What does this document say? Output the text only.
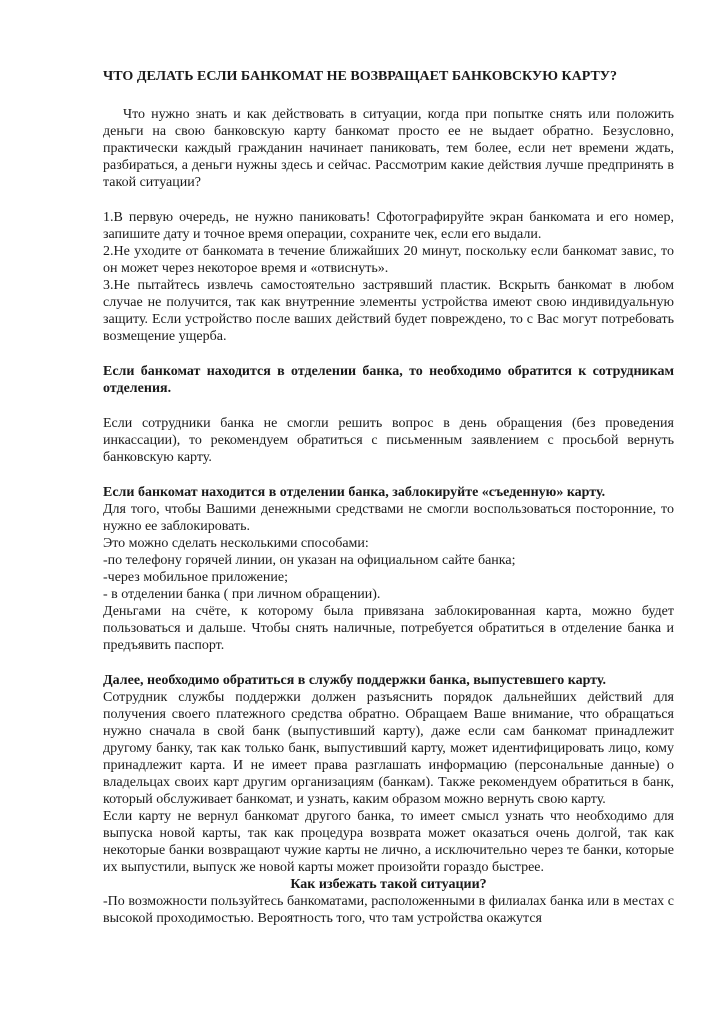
ЧТО ДЕЛАТЬ ЕСЛИ БАНКОМАТ НЕ ВОЗВРАЩАЕТ БАНКОВСКУЮ КАРТУ?

Что нужно знать и как действовать в ситуации, когда при попытке снять или положить деньги на свою банковскую карту банкомат просто ее не выдает обратно. Безусловно, практически каждый гражданин начинает паниковать, тем более, если нет времени ждать, разбираться, а деньги нужны здесь и сейчас. Рассмотрим какие действия лучше предпринять в такой ситуации?

1.В первую очередь, не нужно паниковать! Сфотографируйте экран банкомата и его номер, запишите дату и точное время операции, сохраните чек, если его выдали.

2.Не уходите от банкомата в течение ближайших 20 минут, поскольку если банкомат завис, то он может через некоторое время и «отвиснуть».

3.Не пытайтесь извлечь самостоятельно застрявший пластик. Вскрыть банкомат в любом случае не получится, так как внутренние элементы устройства имеют свою индивидуальную защиту. Если устройство после ваших действий будет повреждено, то с Вас могут потребовать возмещение ущерба.

Если банкомат находится в отделении банка, то необходимо обратится к сотрудникам отделения.

Если сотрудники банка не смогли решить вопрос в день обращения (без проведения инкассации), то рекомендуем обратиться с письменным заявлением с просьбой вернуть банковскую карту.

Если банкомат находится в отделении банка, заблокируйте «съеденную» карту.

Для того, чтобы Вашими денежными средствами не смогли воспользоваться посторонние, то нужно ее заблокировать.

Это можно сделать несколькими способами:

-по телефону горячей линии, он указан на официальном сайте банка;

-через мобильное приложение;

- в отделении банка ( при личном обращении).

Деньгами на счёте, к которому была привязана заблокированная карта, можно будет пользоваться и дальше. Чтобы снять наличные, потребуется обратиться в отделение банка и предъявить паспорт.

Далее, необходимо обратиться в службу поддержки банка, выпустевшего карту.

Сотрудник службы поддержки должен разъяснить порядок дальнейших действий для получения своего платежного средства обратно. Обращаем Ваше внимание, что обращаться нужно сначала в свой банк (выпустивший карту), даже если сам банкомат принадлежит другому банку, так как только банк, выпустивший карту, может идентифицировать лицо, кому принадлежит карта. И не имеет права разглашать информацию (персональные данные) о владельцах своих карт другим организациям (банкам). Также рекомендуем обратиться в банк, который обслуживает банкомат, и узнать, каким образом можно вернуть свою карту.

Если карту не вернул банкомат другого банка, то имеет смысл узнать что необходимо для выпуска новой карты, так как процедура возврата может оказаться очень долгой, так как некоторые банки возвращают чужие карты не лично, а исключительно через те банки, которые их выпустили, выпуск же новой карты может произойти гораздо быстрее.

Как избежать такой ситуации?

-По возможности пользуйтесь банкоматами, расположенными в филиалах банка или в местах с высокой проходимостью. Вероятность того, что там устройства окажутся
